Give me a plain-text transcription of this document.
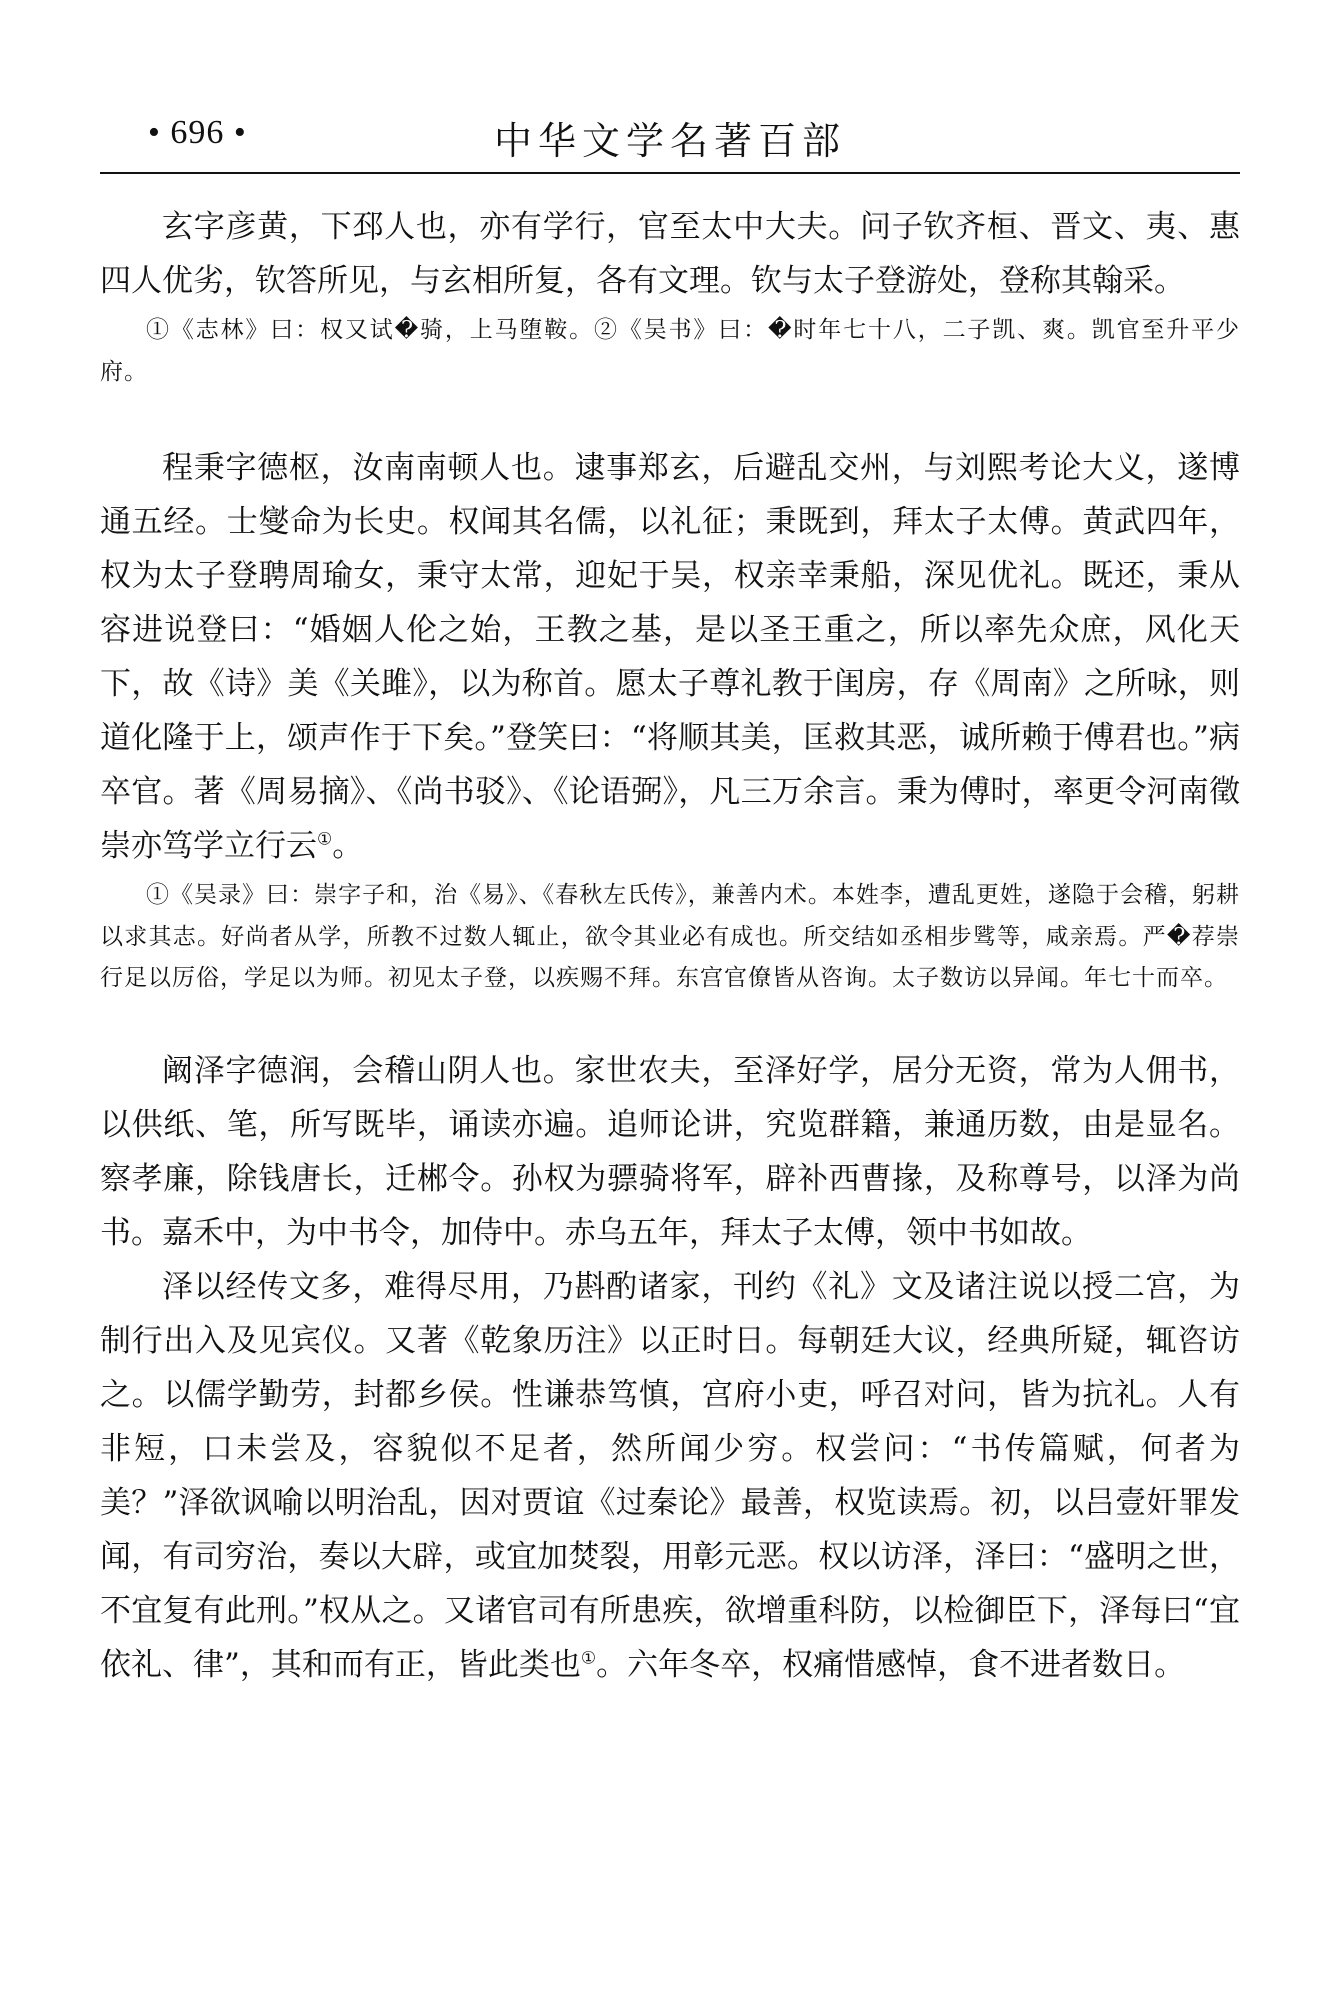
• 696 •	中华文学名著百部

玄字彦黄，下邳人也，亦有学行，官至太中大夫。问子钦齐桓、晋文、夷、惠四人优劣，钦答所见，与玄相所复，各有文理。钦与太子登游处，登称其翰采。

①《志林》曰：权又试�骑，上马堕鞍。②《吴书》曰：�时年七十八，二子凯、爽。凯官至升平少府。

程秉字德枢，汝南南顿人也。逮事郑玄，后避乱交州，与刘熙考论大义，遂博通五经。士燮命为长史。权闻其名儒，以礼征；秉既到，拜太子太傅。黄武四年，权为太子登聘周瑜女，秉守太常，迎妃于吴，权亲幸秉船，深见优礼。既还，秉从容进说登曰：“婚姻人伦之始，王教之基，是以圣王重之，所以率先众庶，风化天下，故《诗》美《关雎》，以为称首。愿太子尊礼教于闺房，存《周南》之所咏，则道化隆于上，颂声作于下矣。”登笑曰：“将顺其美，匡救其恶，诚所赖于傅君也。”病卒官。著《周易摘》、《尚书驳》、《论语弼》，凡三万余言。秉为傅时，率更令河南徵崇亦笃学立行云①。

①《吴录》曰：崇字子和，治《易》、《春秋左氏传》，兼善内术。本姓李，遭乱更姓，遂隐于会稽，躬耕以求其志。好尚者从学，所教不过数人辄止，欲令其业必有成也。所交结如丞相步骘等，咸亲焉。严�荐崇行足以厉俗，学足以为师。初见太子登，以疾赐不拜。东宫官僚皆从咨询。太子数访以异闻。年七十而卒。

阚泽字德润，会稽山阴人也。家世农夫，至泽好学，居分无资，常为人佣书，以供纸、笔，所写既毕，诵读亦遍。追师论讲，究览群籍，兼通历数，由是显名。察孝廉，除钱唐长，迁郴令。孙权为骠骑将军，辟补西曹掾，及称尊号，以泽为尚书。嘉禾中，为中书令，加侍中。赤乌五年，拜太子太傅，领中书如故。

泽以经传文多，难得尽用，乃斟酌诸家，刊约《礼》文及诸注说以授二宫，为制行出入及见宾仪。又著《乾象历注》以正时日。每朝廷大议，经典所疑，辄咨访之。以儒学勤劳，封都乡侯。性谦恭笃慎，宫府小吏，呼召对问，皆为抗礼。人有非短，口未尝及，容貌似不足者，然所闻少穷。权尝问：“书传篇赋，何者为美？”泽欲讽喻以明治乱，因对贾谊《过秦论》最善，权览读焉。初，以吕壹奸罪发闻，有司穷治，奏以大辟，或宜加焚裂，用彰元恶。权以访泽，泽曰：“盛明之世，不宜复有此刑。”权从之。又诸官司有所患疾，欲增重科防，以检御臣下，泽每曰“宜依礼、律”，其和而有正，皆此类也①。六年冬卒，权痛惜感悼，食不进者数日。
